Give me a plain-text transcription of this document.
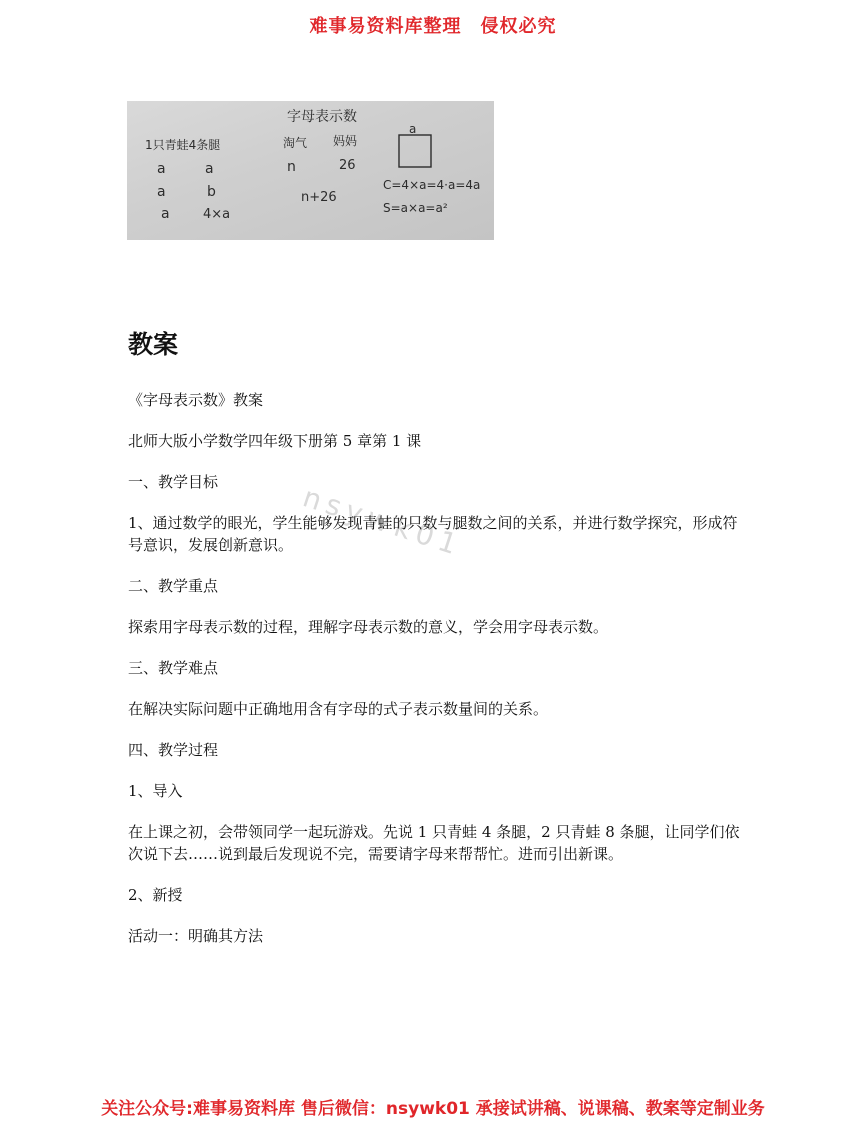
难事易资料库整理　侵权必究
字母表示数
1只青蛙4条腿
a	a
a	b
a	4×a
淘气 妈妈
n	26
n+26
a
C=4×a=4·a=4a
S=a×a=a²
nsywk01
教案

《字母表示数》教案

北师大版小学数学四年级下册第 5 章第 1 课

一、教学目标

1、通过数学的眼光，学生能够发现青蛙的只数与腿数之间的关系，并进行数学探究，形成符号意识，发展创新意识。

二、教学重点

探索用字母表示数的过程，理解字母表示数的意义，学会用字母表示数。

三、教学难点

在解决实际问题中正确地用含有字母的式子表示数量间的关系。

四、教学过程

1、导入

在上课之初，会带领同学一起玩游戏。先说 1 只青蛙 4 条腿，2 只青蛙 8 条腿，让同学们依次说下去……说到最后发现说不完，需要请字母来帮帮忙。进而引出新课。

2、新授

活动一：明确其方法

关注公众号:难事易资料库 售后微信：nsywk01 承接试讲稿、说课稿、教案等定制业务
